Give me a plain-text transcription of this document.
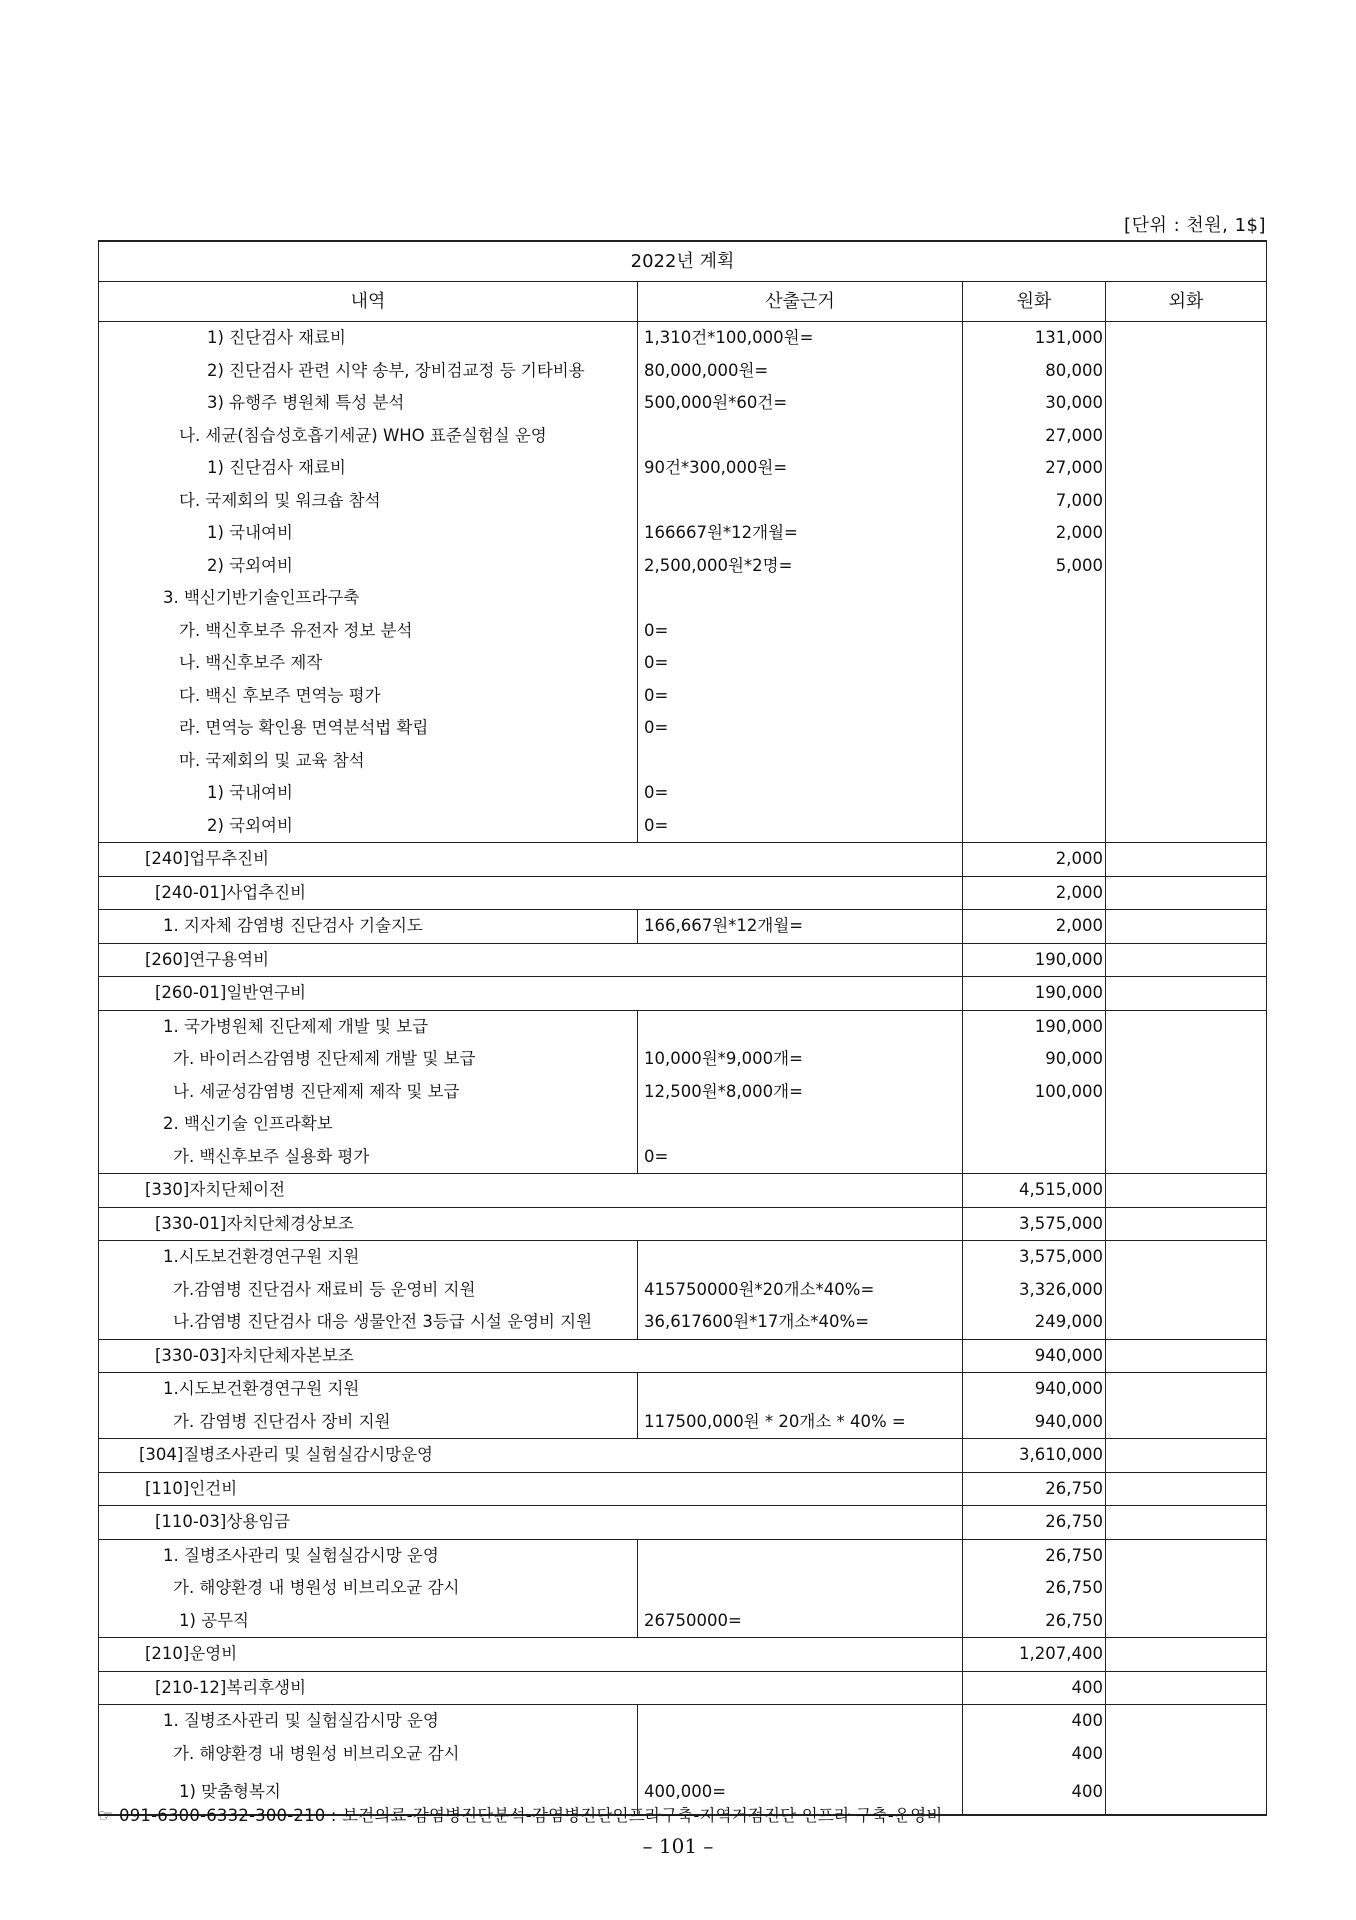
[단위 : 천원, 1$]
2022년 계획			
내역	산출근거	원화	외화
1) 진단검사 재료비	1,310건*100,000원=	131,000	
2) 진단검사 관련 시약 송부, 장비검교정 등 기타비용	80,000,000원=	80,000	
3) 유행주 병원체 특성 분석	500,000원*60건=	30,000	
나. 세균(침습성호흡기세균) WHO 표준실험실 운영		27,000	
1) 진단검사 재료비	90건*300,000원=	27,000	
다. 국제회의 및 워크숍 참석		7,000	
1) 국내여비	166667원*12개월=	2,000	
2) 국외여비	2,500,000원*2명=	5,000	
3. 백신기반기술인프라구축			
가. 백신후보주 유전자 정보 분석	0=		
나. 백신후보주 제작	0=		
다. 백신 후보주 면역능 평가	0=		
라. 면역능 확인용 면역분석법 확립	0=		
마. 국제회의 및 교육 참석			
1) 국내여비	0=		
2) 국외여비	0=		
[240]업무추진비		2,000	
[240-01]사업추진비		2,000	
1. 지자체 감염병 진단검사 기술지도	166,667원*12개월=	2,000	
[260]연구용역비		190,000	
[260-01]일반연구비		190,000	
1. 국가병원체 진단제제 개발 및 보급		190,000	
가. 바이러스감염병 진단제제 개발 및 보급	10,000원*9,000개=	90,000	
나. 세균성감염병 진단제제 제작 및 보급	12,500원*8,000개=	100,000	
2. 백신기술 인프라확보			
가. 백신후보주 실용화 평가	0=		
[330]자치단체이전		4,515,000	
[330-01]자치단체경상보조		3,575,000	
1.시도보건환경연구원 지원		3,575,000	
가.감염병 진단검사 재료비 등 운영비 지원	415750000원*20개소*40%=	3,326,000	
나.감염병 진단검사 대응 생물안전 3등급 시설 운영비 지원	36,617600원*17개소*40%=	249,000	
[330-03]자치단체자본보조		940,000	
1.시도보건환경연구원 지원		940,000	
가. 감염병 진단검사 장비 지원	117500,000원 * 20개소 * 40% =	940,000	
[304]질병조사관리 및 실험실감시망운영		3,610,000	
[110]인건비		26,750	
[110-03]상용임금		26,750	
1. 질병조사관리 및 실험실감시망 운영		26,750	
가. 해양환경 내 병원성 비브리오균 감시		26,750	
1) 공무직	26750000=	26,750	
[210]운영비		1,207,400	
[210-12]복리후생비		400	
1. 질병조사관리 및 실험실감시망 운영		400	
가. 해양환경 내 병원성 비브리오균 감시		400	
1) 맞춤형복지	400,000=	400	
☞ 091-6300-6332-300-210 : 보건의료-감염병진단분석-감염병진단인프라구축-지역거점진단 인프라 구축-운영비
– 101 –
